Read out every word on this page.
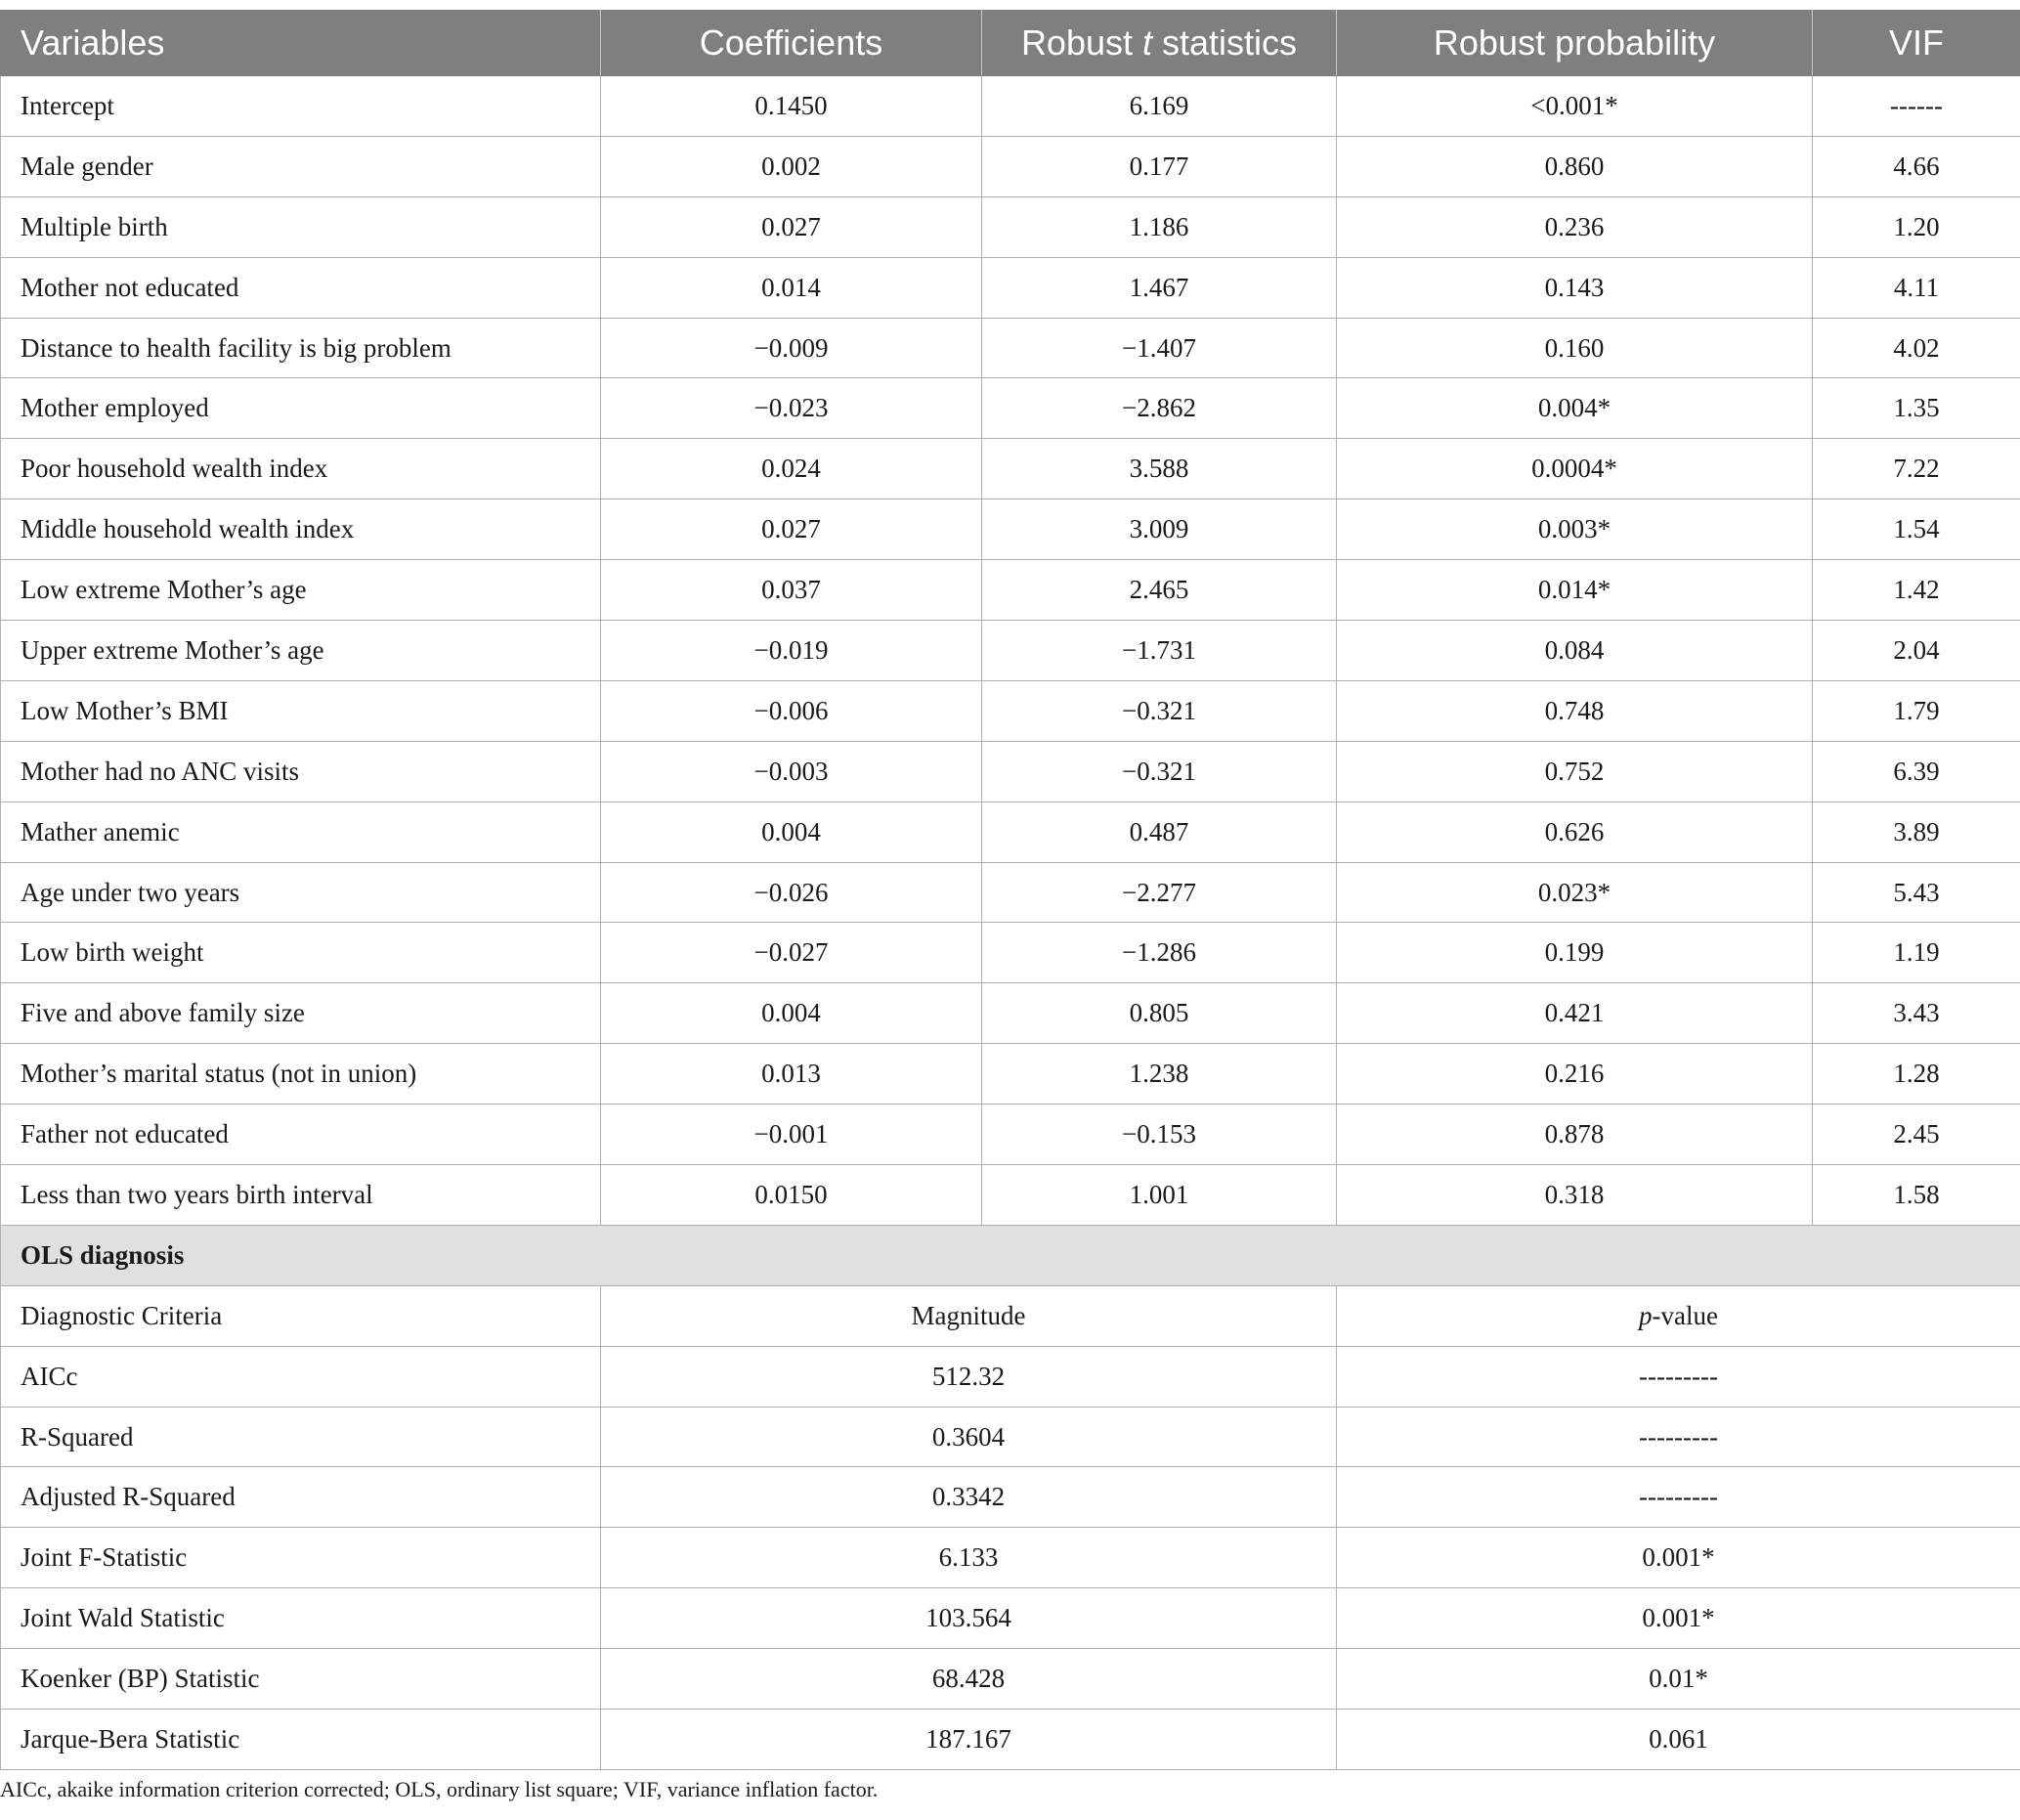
Variables	Coefficients	Robust t statistics	Robust probability	VIF
Intercept	0.1450	6.169	<0.001*	------
Male gender	0.002	0.177	0.860	4.66
Multiple birth	0.027	1.186	0.236	1.20
Mother not educated	0.014	1.467	0.143	4.11
Distance to health facility is big problem	−0.009	−1.407	0.160	4.02
Mother employed	−0.023	−2.862	0.004*	1.35
Poor household wealth index	0.024	3.588	0.0004*	7.22
Middle household wealth index	0.027	3.009	0.003*	1.54
Low extreme Mother’s age	0.037	2.465	0.014*	1.42
Upper extreme Mother’s age	−0.019	−1.731	0.084	2.04
Low Mother’s BMI	−0.006	−0.321	0.748	1.79
Mother had no ANC visits	−0.003	−0.321	0.752	6.39
Mather anemic	0.004	0.487	0.626	3.89
Age under two years	−0.026	−2.277	0.023*	5.43
Low birth weight	−0.027	−1.286	0.199	1.19
Five and above family size	0.004	0.805	0.421	3.43
Mother’s marital status (not in union)	0.013	1.238	0.216	1.28
Father not educated	−0.001	−0.153	0.878	2.45
Less than two years birth interval	0.0150	1.001	0.318	1.58
OLS diagnosis				
Diagnostic Criteria	Magnitude		p-value	
AICc	512.32		---------	
R-Squared	0.3604		---------	
Adjusted R-Squared	0.3342		---------	
Joint F-Statistic	6.133		0.001*	
Joint Wald Statistic	103.564		0.001*	
Koenker (BP) Statistic	68.428		0.01*	
Jarque-Bera Statistic	187.167		0.061	
AICc, akaike information criterion corrected; OLS, ordinary list square; VIF, variance inflation factor.
